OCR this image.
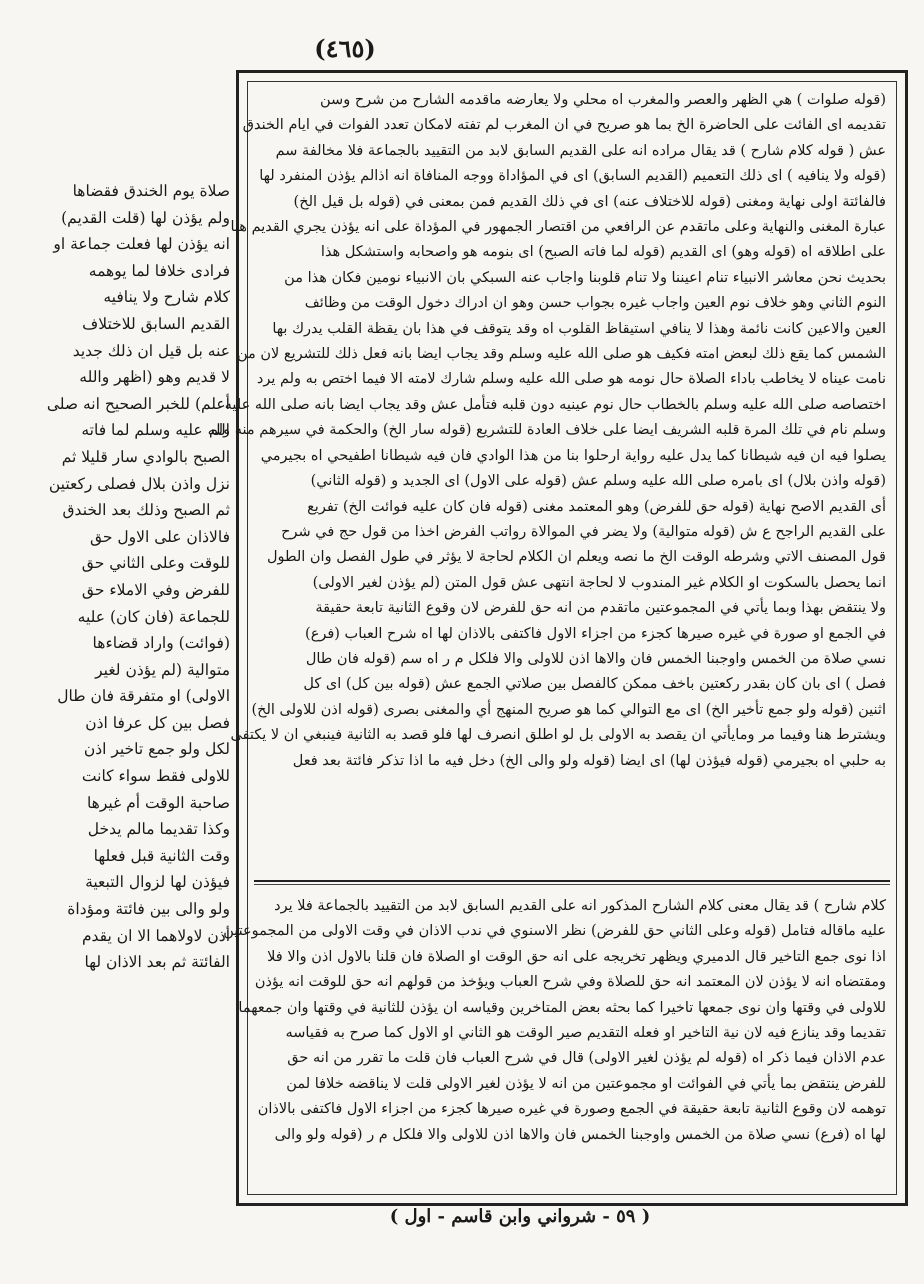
(٤٦٥)
صلاة يوم الخندق فقضاها
ولم يؤذن لها (قلت القديم)
انه يؤذن لها فعلت جماعة او
فرادى خلافا لما يوهمه
كلام شارح ولا ينافيه
القديم السابق للاختلاف
عنه بل قيل ان ذلك جديد
لا قديم وهو (اظهر والله
أعلم) للخبر الصحيح انه صلى
الله عليه وسلم لما فاته
الصبح بالوادي سار قليلا ثم
نزل واذن بلال فصلى ركعتين
ثم الصبح وذلك بعد الخندق
فالاذان على الاول حق
للوقت وعلى الثاني حق
للفرض وفي الاملاء حق
للجماعة (فان كان) عليه
(فوائت) واراد قضاءها
متوالية (لم يؤذن لغير
الاولى) او متفرقة فان طال
فصل بين كل عرفا اذن
لكل ولو جمع تاخير اذن
للاولى فقط سواء كانت
صاحبة الوقت أم غيرها
وكذا تقديما مالم يدخل
وقت الثانية قبل فعلها
فيؤذن لها لزوال التبعية
ولو والى بين فائتة ومؤداة
أذن لاولاهما الا ان يقدم
الفائتة ثم بعد الاذان لها
(قوله صلوات ) هي الظهر والعصر والمغرب اه محلي ولا يعارضه ماقدمه الشارح من شرح وسن
تقديمه اى الفائت على الحاضرة الخ بما هو صريح في ان المغرب لم تفته لامكان تعدد الفوات في ايام الخندق
عش ( قوله كلام شارح ) قد يقال مراده انه على القديم السابق لابد من التقييد بالجماعة فلا مخالفة سم
(قوله ولا ينافيه ) اى ذلك التعميم (القديم السابق) اى في المؤاداة ووجه المنافاة انه اذالم يؤذن المنفرد لها
فالفائتة اولى نهاية ومغنى (قوله للاختلاف عنه) اى في ذلك القديم فمن بمعنى في (قوله بل قيل الخ)
عبارة المغنى والنهاية وعلى ماتقدم عن الرافعي من اقتصار الجمهور في المؤداة على انه يؤذن يجري القديم هنا
على اطلاقه اه (قوله وهو) اى القديم (قوله لما فاته الصبح) اى بنومه هو واصحابه واستشكل هذا
بحديث نحن معاشر الانبياء تنام اعيننا ولا تنام قلوبنا واجاب عنه السبكي بان الانبياء نومين فكان هذا من
النوم الثاني وهو خلاف نوم العين واجاب غيره بجواب حسن وهو ان ادراك دخول الوقت من وظائف
العين والاعين كانت نائمة وهذا لا ينافي استيقاظ القلوب اه وقد يتوقف في هذا بان يقظة القلب يدرك بها
الشمس كما يقع ذلك لبعض امته فكيف هو صلى الله عليه وسلم وقد يجاب ايضا بانه فعل ذلك للتشريع لان من
نامت عيناه لا يخاطب باداء الصلاة حال نومه هو صلى الله عليه وسلم شارك لامته الا فيما اختص به ولم يرد
اختصاصه صلى الله عليه وسلم بالخطاب حال نوم عينيه دون قلبه فتأمل عش وقد يجاب ايضا بانه صلى الله عليه
وسلم نام في تلك المرة قلبه الشريف ايضا على خلاف العادة للتشريع (قوله سار الخ) والحكمة في سيرهم منه ولم
يصلوا فيه ان فيه شيطانا كما يدل عليه رواية ارحلوا بنا من هذا الوادي فان فيه شيطانا اطفيحي اه بجيرمي
(قوله واذن بلال) اى بامره صلى الله عليه وسلم عش (قوله على الاول) اى الجديد و (قوله الثاني)
أى القديم الاصح نهاية (قوله حق للفرض) وهو المعتمد مغنى (قوله فان كان عليه فوائت الخ) تفريع
على القديم الراجح ع ش (قوله متوالية) ولا يضر في الموالاة رواتب الفرض اخذا من قول حج في شرح
قول المصنف الاتي وشرطه الوقت الخ ما نصه ويعلم ان الكلام لحاجة لا يؤثر في طول الفصل وان الطول
انما يحصل بالسكوت او الكلام غير المندوب لا لحاجة انتهى عش قول المتن (لم يؤذن لغير الاولى)
ولا ينتقض بهذا وبما يأتي في المجموعتين ماتقدم من انه حق للفرض لان وقوع الثانية تابعة حقيقة
في الجمع او صورة في غيره صيرها كجزء من اجزاء الاول فاكتفى بالاذان لها اه شرح العباب (فرع)
نسي صلاة من الخمس واوجبنا الخمس فان والاها اذن للاولى والا فلكل م ر اه سم (قوله فان طال
فصل ) اى بان كان بقدر ركعتين باخف ممكن كالفصل بين صلاتي الجمع عش (قوله بين كل) اى كل
اثنين (قوله ولو جمع تأخير الخ) اى مع التوالي كما هو صريح المنهج أي والمغنى بصرى (قوله اذن للاولى الخ)
ويشترط هنا وفيما مر ومايأتي ان يقصد به الاولى بل لو اطلق انصرف لها فلو قصد به الثانية فينبغي ان لا يكتفى
به حلبي اه بجيرمي (قوله فيؤذن لها) اى ايضا (قوله ولو والى الخ) دخل فيه ما اذا تذكر فائتة بعد فعل
كلام شارح ) قد يقال معنى كلام الشارح المذكور انه على القديم السابق لابد من التقييد بالجماعة فلا يرد
عليه ماقاله فتامل (قوله وعلى الثاني حق للفرض) نظر الاسنوي في ندب الاذان في وقت الاولى من المجموعتين
اذا نوى جمع التاخير قال الدميري ويظهر تخريجه على انه حق الوقت او الصلاة فان قلنا بالاول اذن والا فلا
ومقتضاه انه لا يؤذن لان المعتمد انه حق للصلاة وفي شرح العباب ويؤخذ من قولهم انه حق للوقت انه يؤذن
للاولى في وقتها وان نوى جمعها تاخيرا كما بحثه بعض المتاخرين وقياسه ان يؤذن للثانية في وقتها وان جمعهما
تقديما وقد ينازع فيه لان نية التاخير او فعله التقديم صير الوقت هو الثاني او الاول كما صرح به فقياسه
عدم الاذان فيما ذكر اه (قوله لم يؤذن لغير الاولى) قال في شرح العباب فان قلت ما تقرر من انه حق
للفرض ينتقض بما يأتي في الفوائت او مجموعتين من انه لا يؤذن لغير الاولى قلت لا يناقضه خلافا لمن
توهمه لان وقوع الثانية تابعة حقيقة في الجمع وصورة في غيره صيرها كجزء من اجزاء الاول فاكتفى بالاذان
لها اه (فرع) نسي صلاة من الخمس واوجبنا الخمس فان والاها اذن للاولى والا فلكل م ر (قوله ولو والى
( ٥٩ - شرواني وابن قاسم - اول )
